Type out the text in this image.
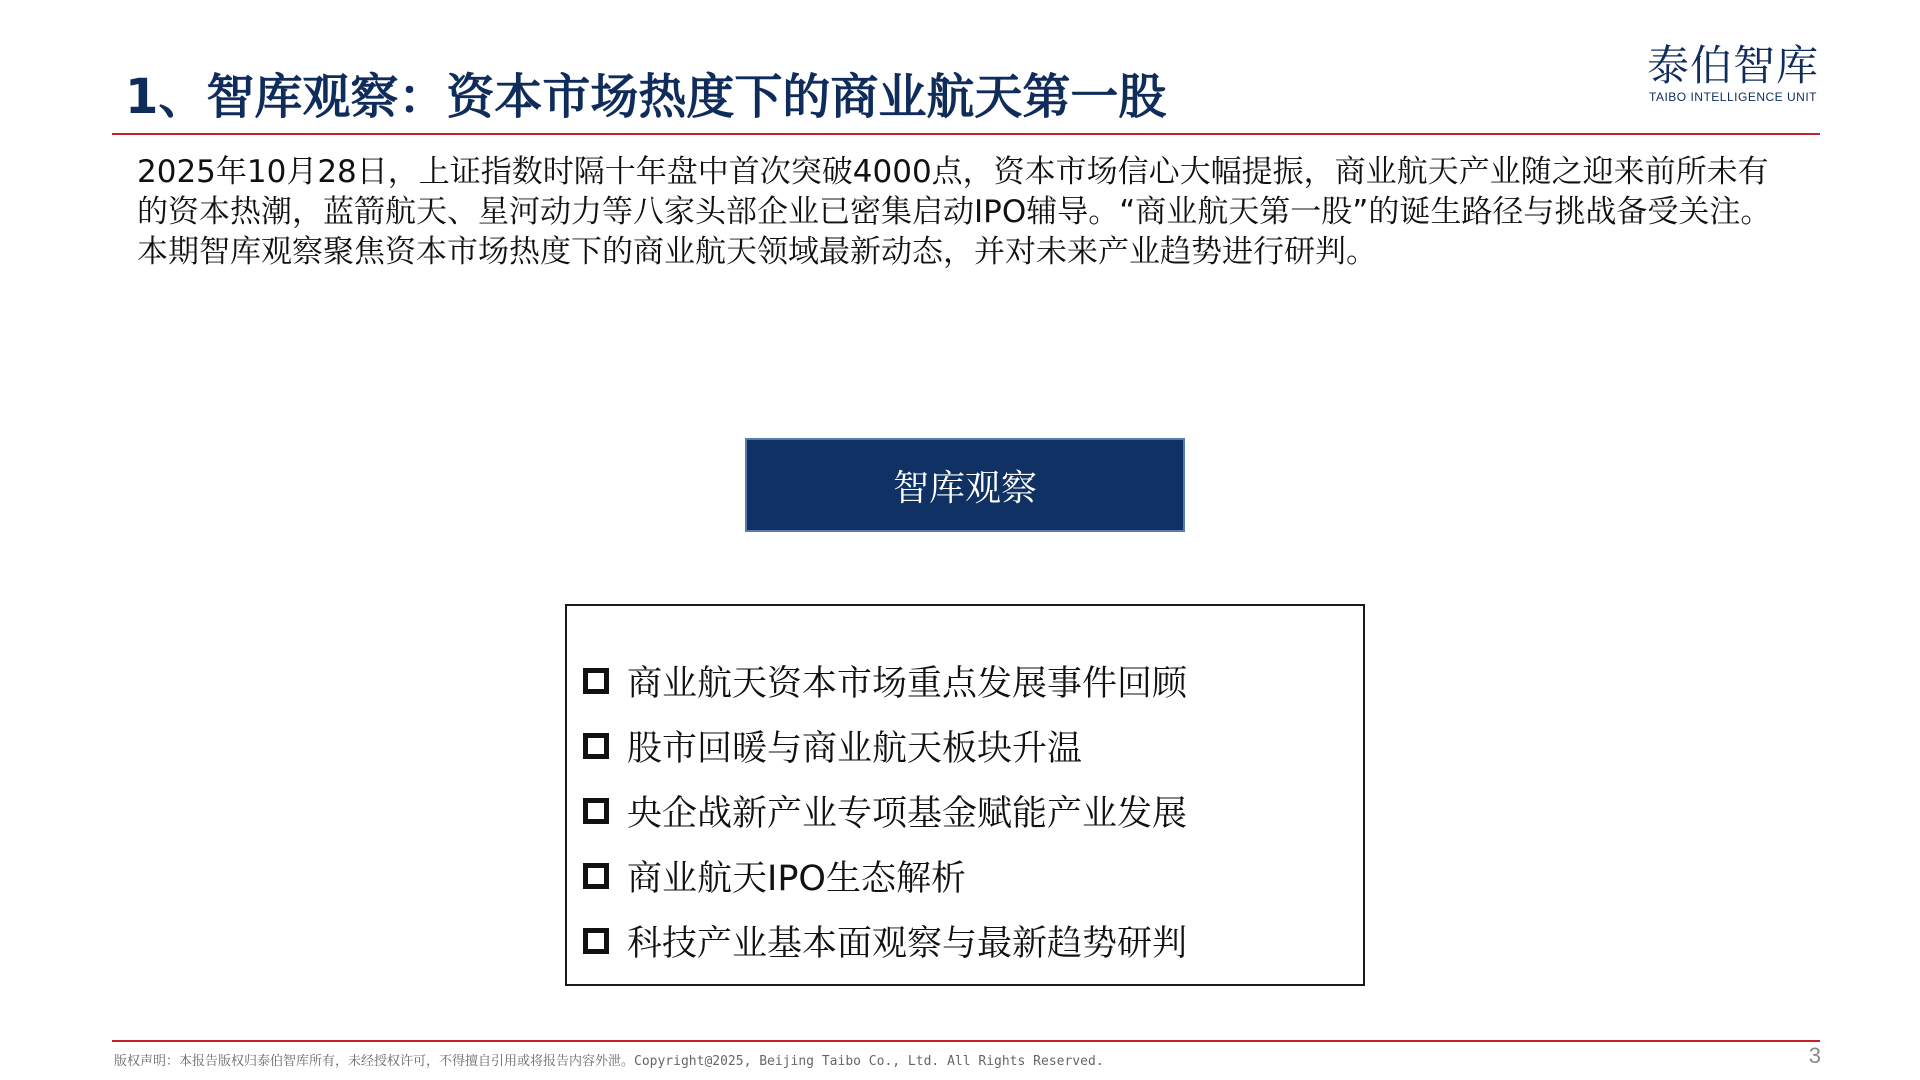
1、智库观察：资本市场热度下的商业航天第一股
泰伯智库
TAIBO INTELLIGENCE UNIT
2025年10月28日，上证指数时隔十年盘中首次突破4000点，资本市场信心大幅提振，商业航天产业随之迎来前所未有的资本热潮，蓝箭航天、星河动力等八家头部企业已密集启动IPO辅导。“商业航天第一股”的诞生路径与挑战备受关注。本期智库观察聚焦资本市场热度下的商业航天领域最新动态，并对未来产业趋势进行研判。
智库观察
商业航天资本市场重点发展事件回顾
股市回暖与商业航天板块升温
央企战新产业专项基金赋能产业发展
商业航天IPO生态解析
科技产业基本面观察与最新趋势研判
版权声明：本报告版权归泰伯智库所有，未经授权许可，不得擅自引用或将报告内容外泄。Copyright@2025, Beijing Taibo Co., Ltd. All Rights Reserved.	3
